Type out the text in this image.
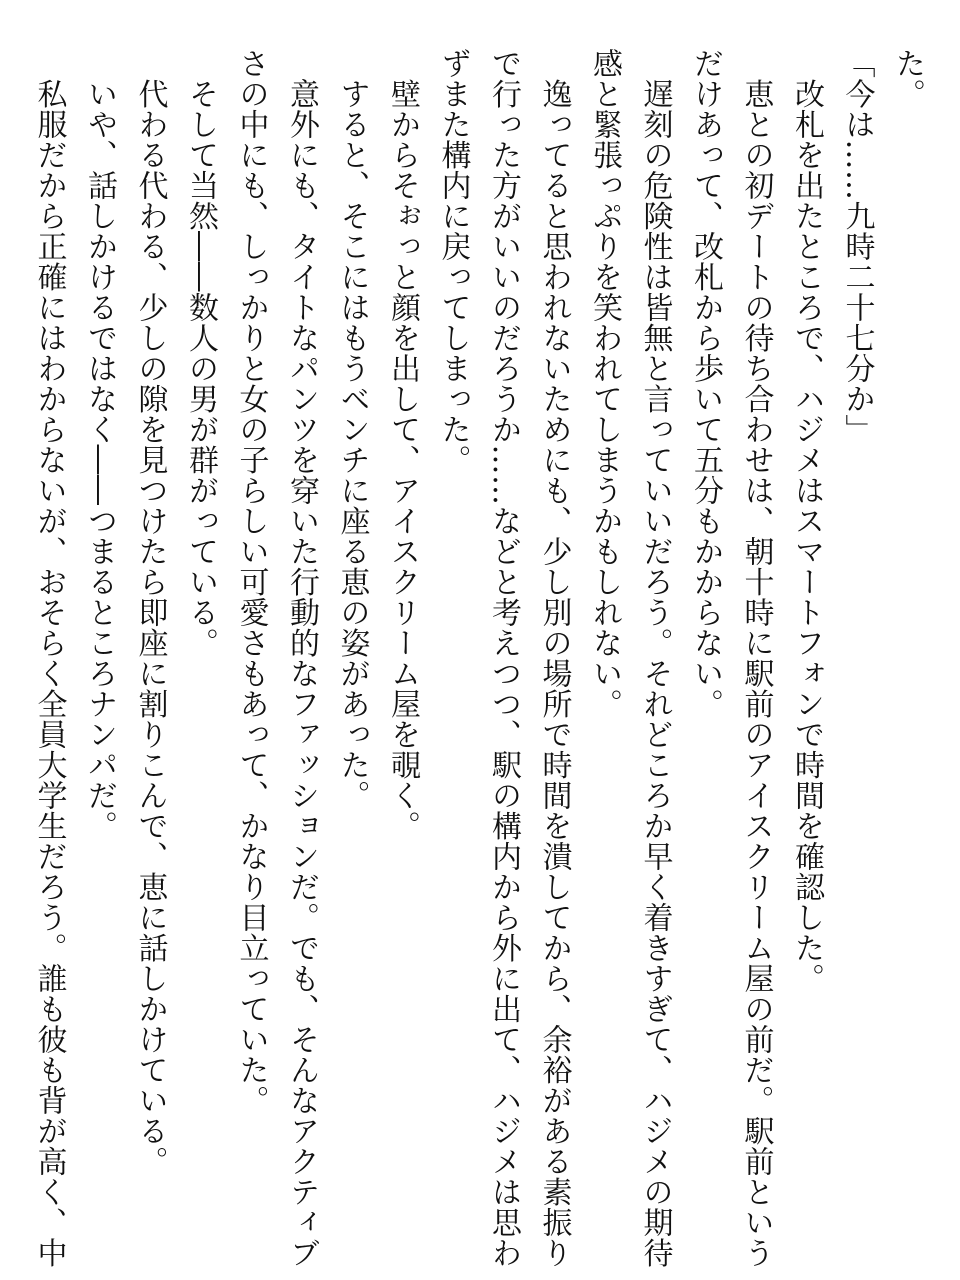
た。
「今は……九時二十七分か」
　改札を出たところで、ハジメはスマートフォンで時間を確認した。
　恵との初デートの待ち合わせは、朝十時に駅前のアイスクリーム屋の前だ。駅前という
だけあって、改札から歩いて五分もかからない。
　遅刻の危険性は皆無と言っていいだろう。それどころか早く着きすぎて、ハジメの期待
感と緊張っぷりを笑われてしまうかもしれない。
　逸ってると思われないためにも、少し別の場所で時間を潰してから、余裕がある素振り
で行った方がいいのだろうか……などと考えつつ、駅の構内から外に出て、ハジメは思わ
ずまた構内に戻ってしまった。
　壁からそぉっと顔を出して、アイスクリーム屋を覗く。
　すると、そこにはもうベンチに座る恵の姿があった。
　意外にも、タイトなパンツを穿いた行動的なファッションだ。でも、そんなアクティブ
さの中にも、しっかりと女の子らしい可愛さもあって、かなり目立っていた。
　そして当然――数人の男が群がっている。
　代わる代わる、少しの隙を見つけたら即座に割りこんで、恵に話しかけている。
　いや、話しかけるではなく――つまるところナンパだ。
　私服だから正確にはわからないが、おそらく全員大学生だろう。誰も彼も背が高く、中
